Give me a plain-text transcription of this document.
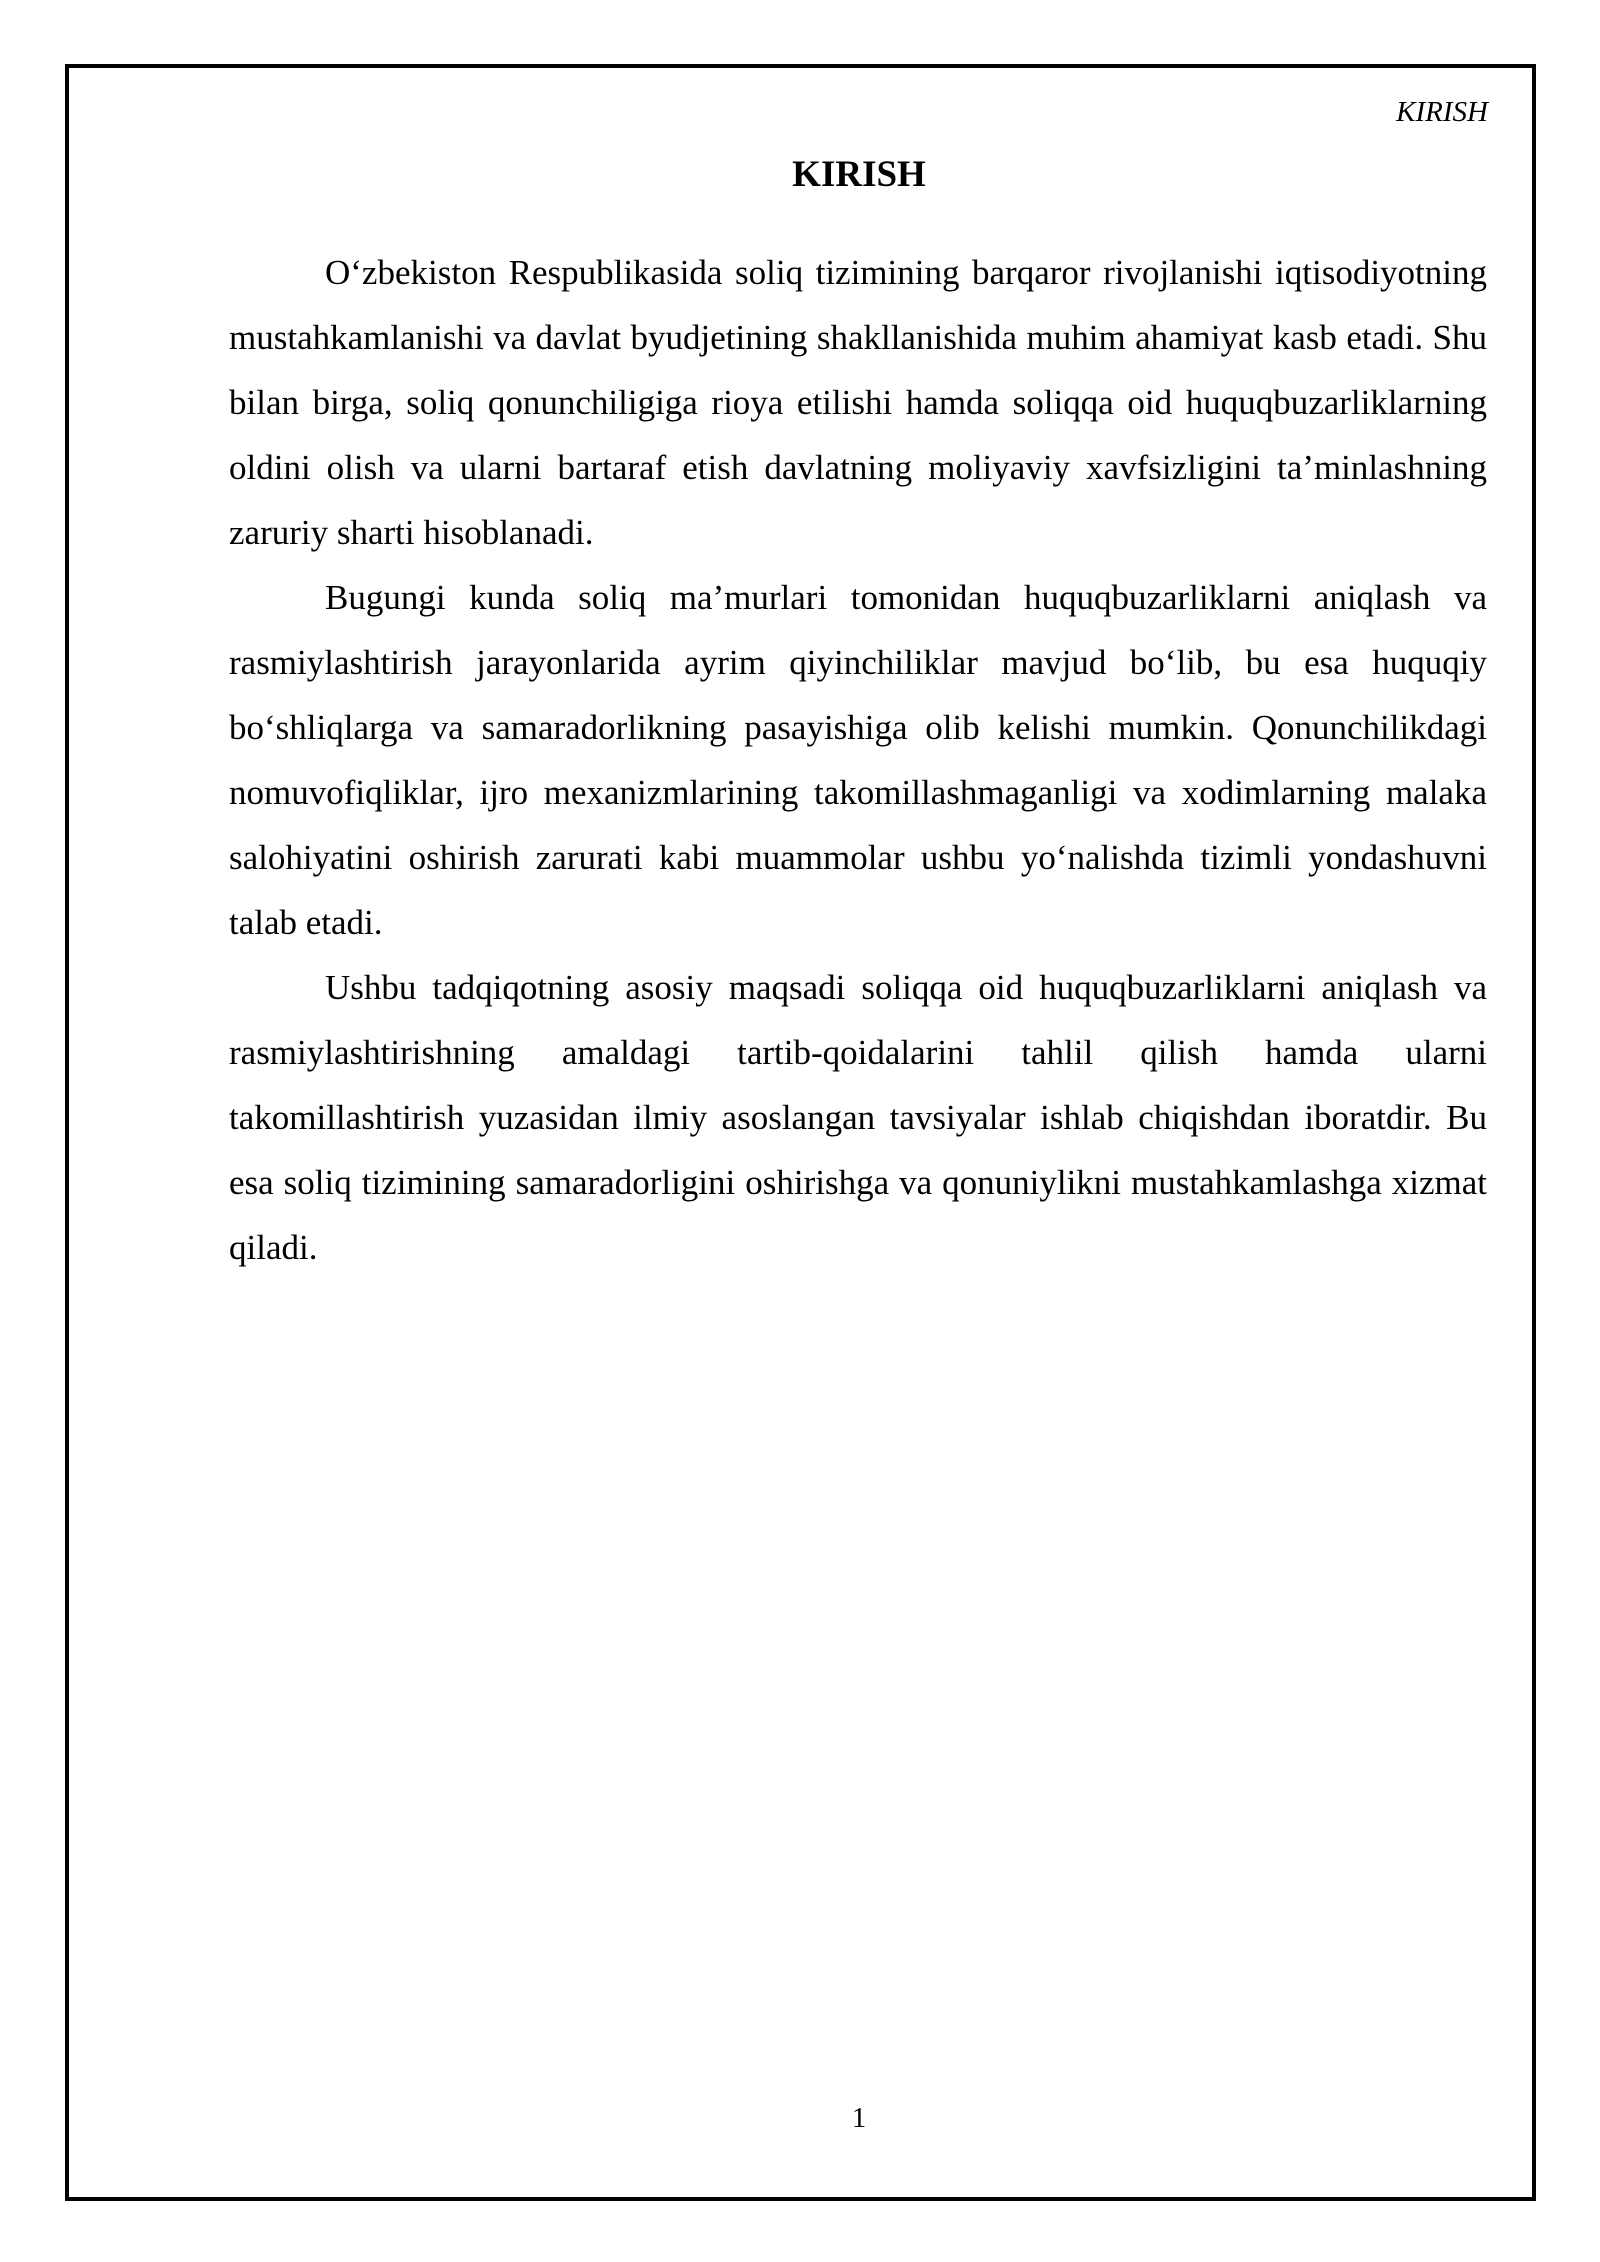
KIRISH
KIRISH

O‘zbekiston Respublikasida soliq tizimining barqaror rivojlanishi iqtisodiyotning mustahkamlanishi va davlat byudjetining shakllanishida muhim ahamiyat kasb etadi. Shu bilan birga, soliq qonunchiligiga rioya etilishi hamda soliqqa oid huquqbuzarliklarning oldini olish va ularni bartaraf etish davlatning moliyaviy xavfsizligini ta’minlashning zaruriy sharti hisoblanadi.

Bugungi kunda soliq ma’murlari tomonidan huquqbuzarliklarni aniqlash va rasmiylashtirish jarayonlarida ayrim qiyinchiliklar mavjud bo‘lib, bu esa huquqiy bo‘shliqlarga va samaradorlikning pasayishiga olib kelishi mumkin. Qonunchilikdagi nomuvofiqliklar, ijro mexanizmlarining takomillashmaganligi va xodimlarning malaka salohiyatini oshirish zarurati kabi muammolar ushbu yo‘nalishda tizimli yondashuvni talab etadi.

Ushbu tadqiqotning asosiy maqsadi soliqqa oid huquqbuzarliklarni aniqlash va rasmiylashtirishning amaldagi tartib-qoidalarini tahlil qilish hamda ularni takomillashtirish yuzasidan ilmiy asoslangan tavsiyalar ishlab chiqishdan iboratdir. Bu esa soliq tizimining samaradorligini oshirishga va qonuniylikni mustahkamlashga xizmat qiladi.

1
